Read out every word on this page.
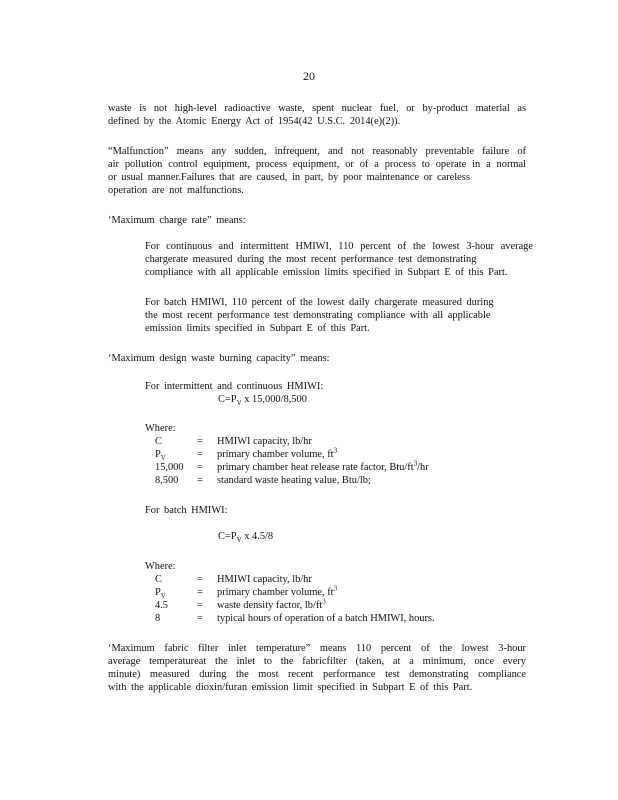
20
waste is not high-level radioactive waste, spent nuclear fuel, or by-product material as
defined by the Atomic Energy Act of 1954(42 U.S.C. 2014(e)(2)).
“Malfunction” means any sudden, infrequent, and not reasonably preventable failure of
air pollution control equipment, process equipment, or of a process to operate in a normal
or usual manner.Failures that are caused, in part, by poor maintenance or careless
operation are not malfunctions.
‘Maximum charge rate” means:
For continuous and intermittent HMIWI, 110 percent of the lowest 3-hour average
chargerate measured during the most recent performance test demonstrating
compliance with all applicable emission limits specified in Subpart E of this Part.
For batch HMIWI, 110 percent of the lowest daily chargerate measured during
the most recent performance test demonstrating compliance with all applicable
emission limits specified in Subpart E of this Part.
‘Maximum design waste burning capacity” means:
For intermittent and continuous HMIWI:
$C=P_V$ x 15,000/8,500
Where:
C	= HMIWI capacity, lb/hr
$P_V$	= primary chamber volume, $ft^3$
15,000 = primary chamber heat release rate factor, Btu/$ft^3/hr$
8,500 = standard waste heating value, Btu/lb;
For batch HMIWI:
$C=P_V$ x 4.5/8
Where:
C	= HMIWI capacity, lb/hr
$P_V$	= primary chamber volume, $ft^3$
4.5	= waste density factor, $lb/ft^3$
8	= typical hours of operation of a batch HMIWI, hours.
‘Maximum fabric filter inlet temperature” means 110 percent of the lowest 3-hour
average temperatureat the inlet to the fabricfilter (taken, at a minimum, once every
minute) measured during the most recent performance test demonstrating compliance
with the applicable dioxin/furan emission limit specified in Subpart E of this Part.
